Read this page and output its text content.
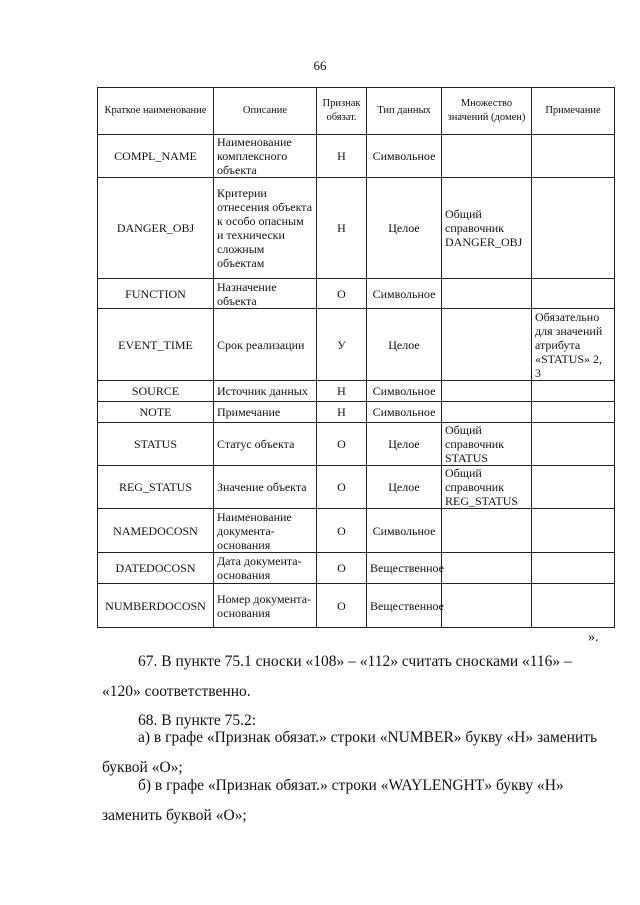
66
Краткое наименование	Описание	Признак обязат.	Тип данных	Множество значений (домен)	Примечание
COMPL_NAME	Наименование комплексного объекта	Н	Символьное		
DANGER_OBJ	Критерии отнесения объекта к особо опасным и технически сложным объектам	Н	Целое	Общий справочник DANGER_OBJ	
FUNCTION	Назначение объекта	О	Символьное		
EVENT_TIME	Срок реализации	У	Целое		Обязательно для значений атрибута «STATUS» 2, 3
SOURCE	Источник данных	Н	Символьное		
NOTE	Примечание	Н	Символьное		
STATUS	Статус объекта	О	Целое	Общий справочник STATUS	
REG_STATUS	Значение объекта	О	Целое	Общий справочник REG_STATUS	
NAMEDOCOSN	Наименование документа-основания	О	Символьное		
DATEDOCOSN	Дата документа-основания	О	Вещественное		
NUMBERDOCOSN	Номер документа-основания	О	Вещественное		
».

67. В пункте 75.1 сноски «108» – «112» считать сносками «116» – «120» соответственно.

68. В пункте 75.2:

а) в графе «Признак обязат.» строки «NUMBER» букву «Н» заменить буквой «О»;

б) в графе «Признак обязат.» строки «WAYLENGHT» букву «Н» заменить буквой «О»;
